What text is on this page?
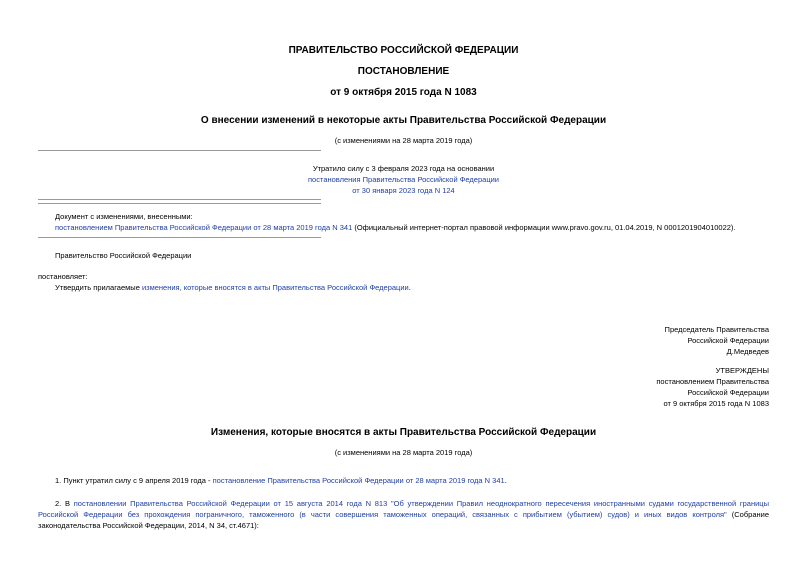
ПРАВИТЕЛЬСТВО РОССИЙСКОЙ ФЕДЕРАЦИИ
ПОСТАНОВЛЕНИЕ
от 9 октября 2015 года N 1083
О внесении изменений в некоторые акты Правительства Российской Федерации
(с изменениями на 28 марта 2019 года)
Утратило силу с 3 февраля 2023 года на основании
постановления Правительства Российской Федерации
от 30 января 2023 года N 124
Документ с изменениями, внесенными:
постановлением Правительства Российской Федерации от 28 марта 2019 года N 341 (Официальный интернет-портал правовой информации www.pravo.gov.ru, 01.04.2019, N 0001201904010022).
Правительство Российской Федерации
постановляет:
Утвердить прилагаемые изменения, которые вносятся в акты Правительства Российской Федерации.
Председатель Правительства
Российской Федерации
Д.Медведев
УТВЕРЖДЕНЫ
постановлением Правительства
Российской Федерации
от 9 октября 2015 года N 1083
Изменения, которые вносятся в акты Правительства Российской Федерации
(с изменениями на 28 марта 2019 года)
1. Пункт утратил силу с 9 апреля 2019 года - постановление Правительства Российской Федерации от 28 марта 2019 года N 341.
2. В постановлении Правительства Российской Федерации от 15 августа 2014 года N 813 "Об утверждении Правил неоднократного пересечения иностранными судами государственной границы Российской Федерации без прохождения пограничного, таможенного (в части совершения таможенных операций, связанных с прибытием (убытием) судов) и иных видов контроля" (Собрание законодательства Российской Федерации, 2014, N 34, ст.4671):
